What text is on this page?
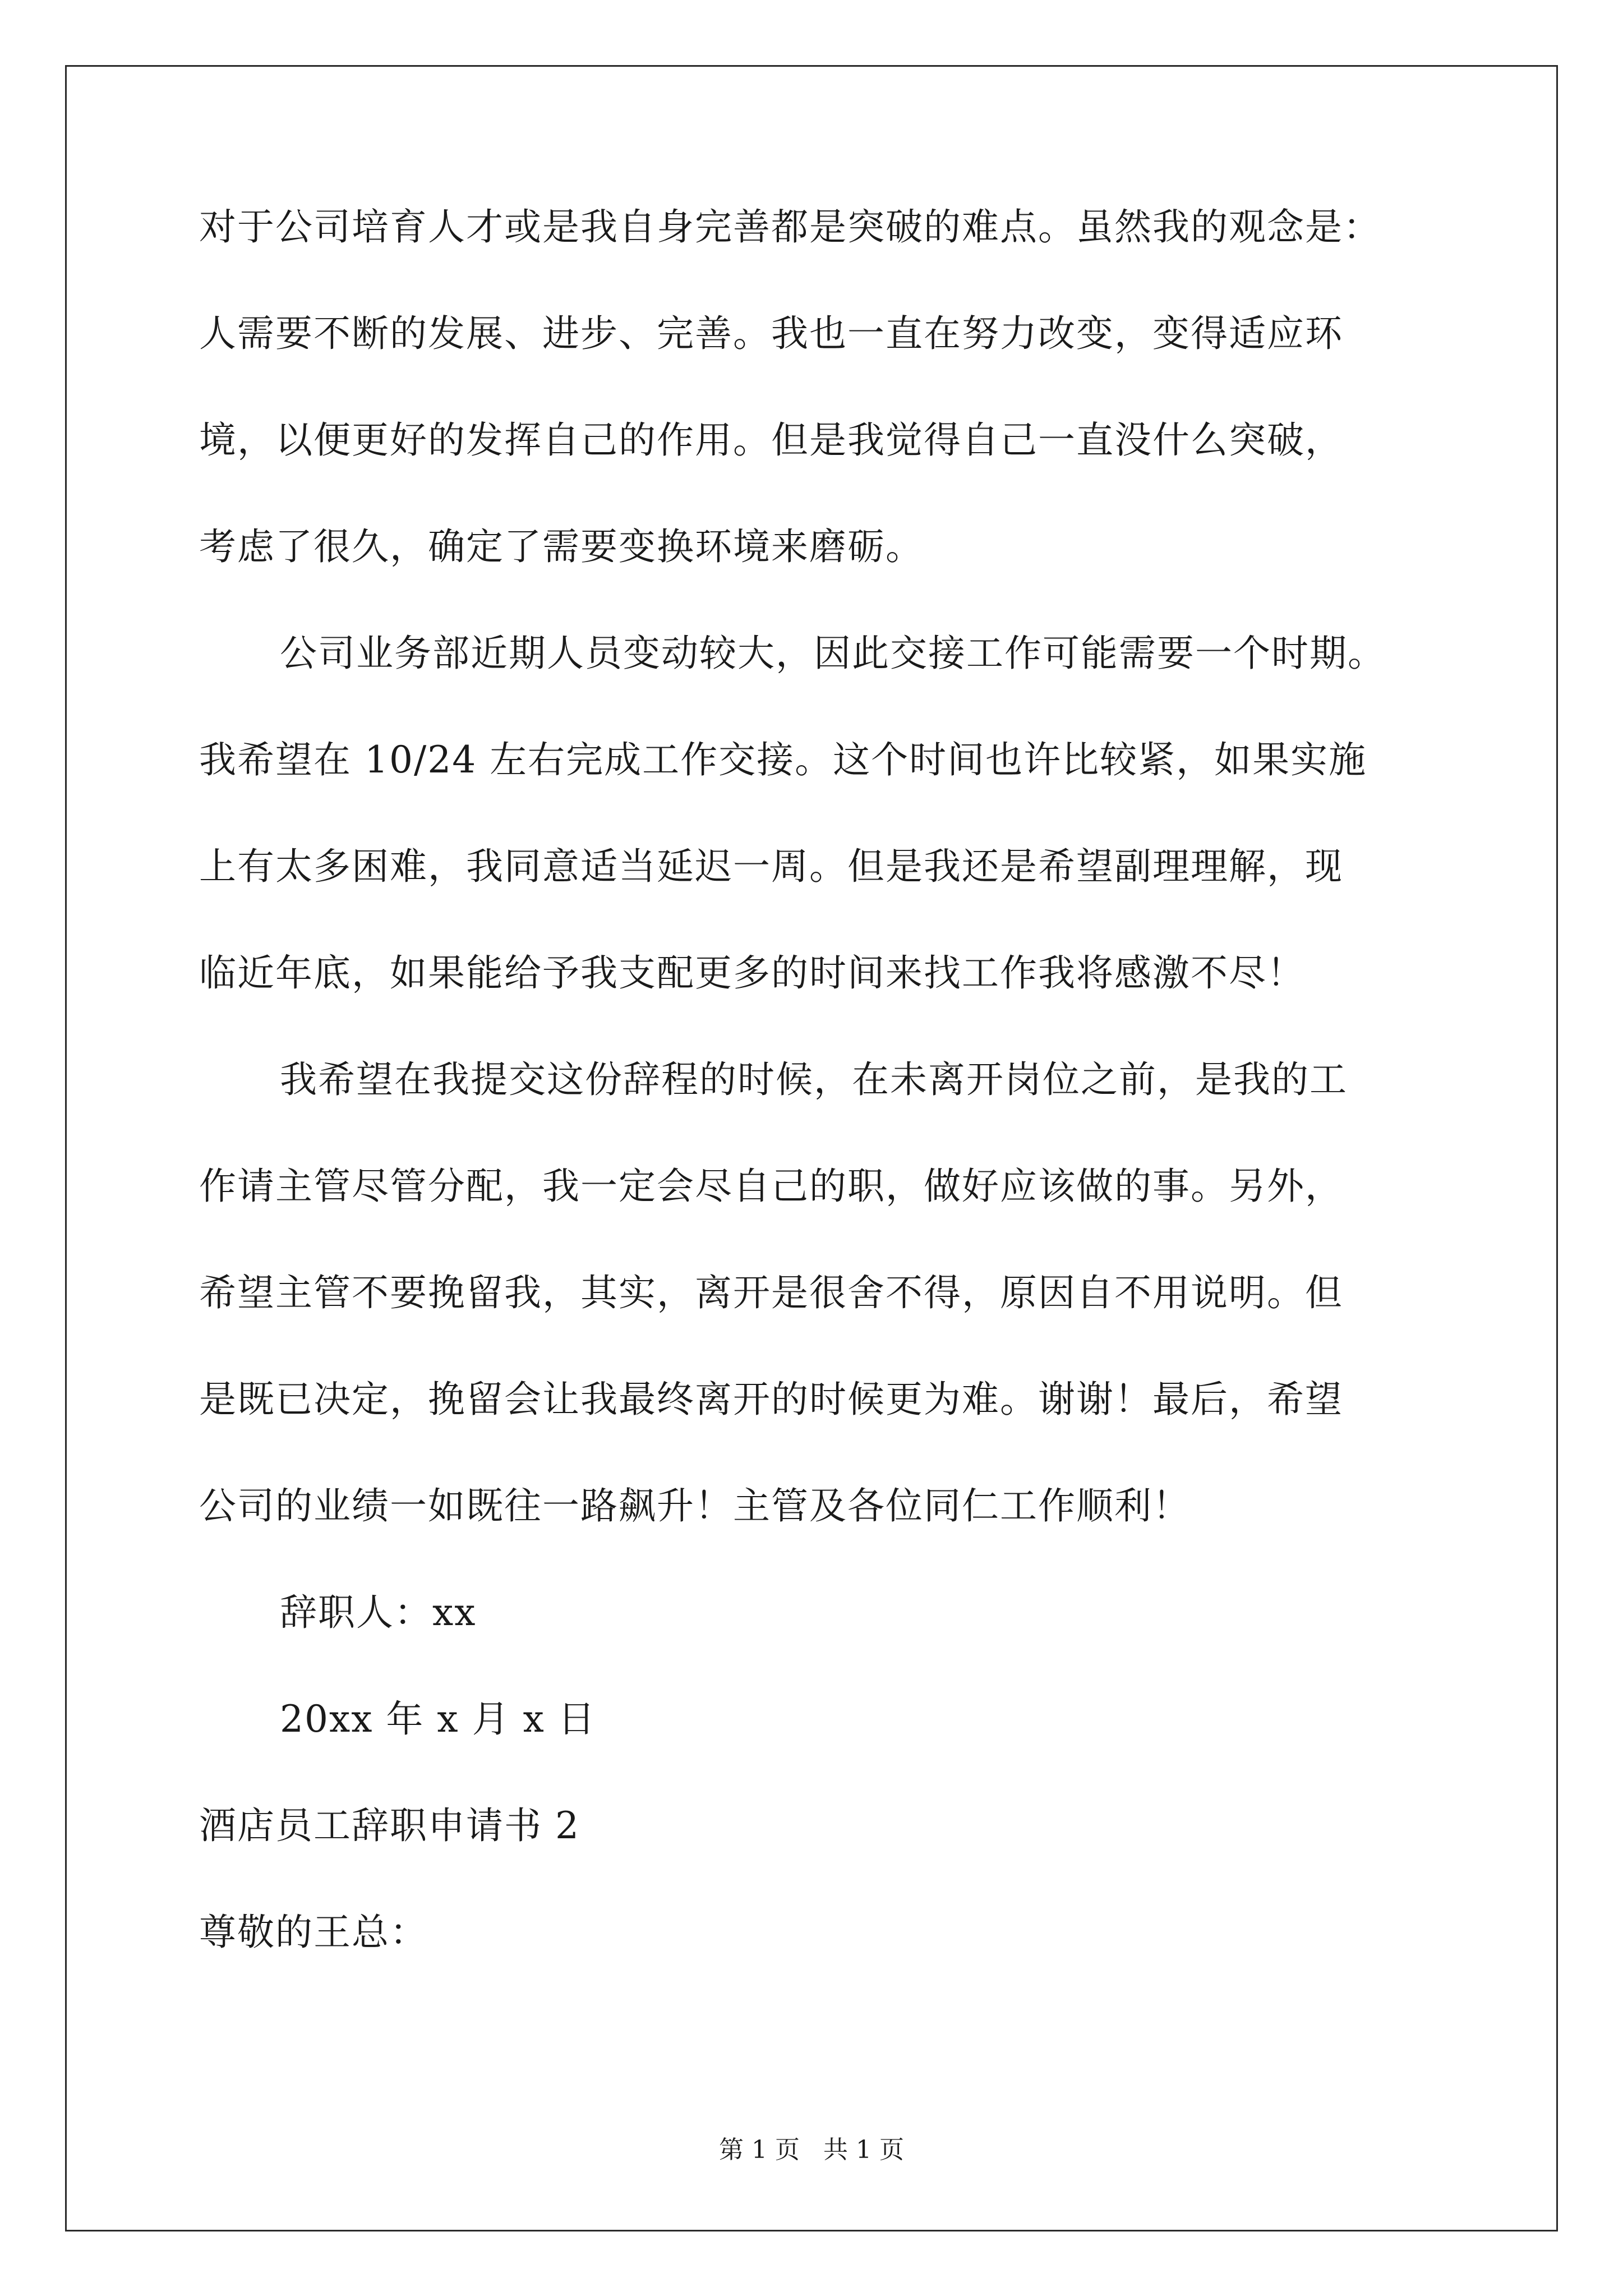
对于公司培育人才或是我自身完善都是突破的难点。虽然我的观念是：
人需要不断的发展、进步、完善。我也一直在努力改变，变得适应环
境，以便更好的发挥自己的作用。但是我觉得自己一直没什么突破，
考虑了很久，确定了需要变换环境来磨砺。
公司业务部近期人员变动较大，因此交接工作可能需要一个时期。
我希望在 10/24 左右完成工作交接。这个时间也许比较紧，如果实施
上有太多困难，我同意适当延迟一周。但是我还是希望副理理解，现
临近年底，如果能给予我支配更多的时间来找工作我将感激不尽！
我希望在我提交这份辞程的时候，在未离开岗位之前，是我的工
作请主管尽管分配，我一定会尽自己的职，做好应该做的事。另外，
希望主管不要挽留我，其实，离开是很舍不得，原因自不用说明。但
是既已决定，挽留会让我最终离开的时候更为难。谢谢！最后，希望
公司的业绩一如既往一路飙升！主管及各位同仁工作顺利！
辞职人：xx
20xx 年 x 月 x 日
酒店员工辞职申请书 2
尊敬的王总：
第 1 页   共 1 页
